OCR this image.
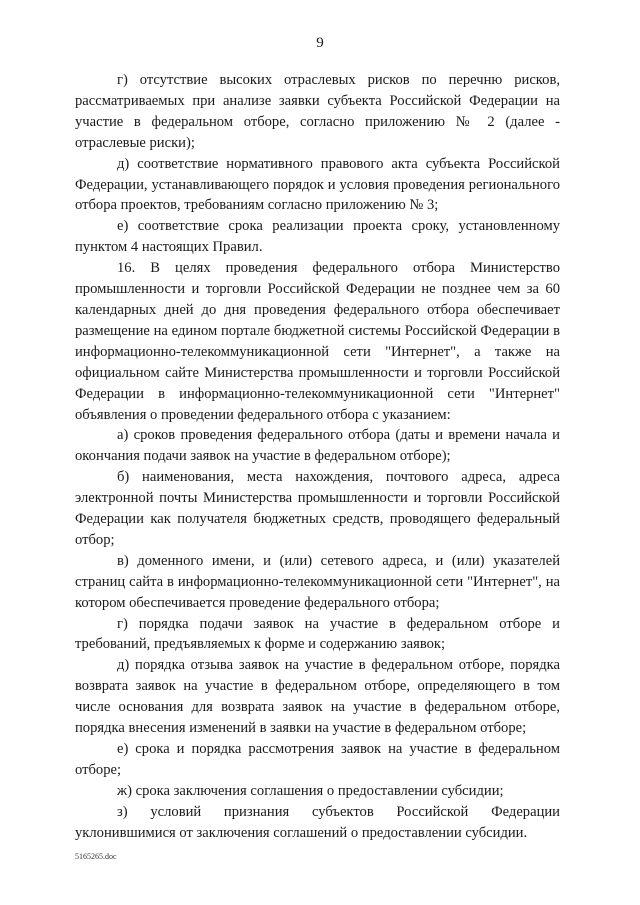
9

г) отсутствие высоких отраслевых рисков по перечню рисков, рассматриваемых при анализе заявки субъекта Российской Федерации на участие в федеральном отборе, согласно приложению № 2 (далее - отраслевые риски);

д) соответствие нормативного правового акта субъекта Российской Федерации, устанавливающего порядок и условия проведения регионального отбора проектов, требованиям согласно приложению № 3;

е) соответствие срока реализации проекта сроку, установленному пунктом 4 настоящих Правил.

16. В целях проведения федерального отбора Министерство промышленности и торговли Российской Федерации не позднее чем за 60 календарных дней до дня проведения федерального отбора обеспечивает размещение на едином портале бюджетной системы Российской Федерации в информационно-телекоммуникационной сети "Интернет", а также на официальном сайте Министерства промышленности и торговли Российской Федерации в информационно-телекоммуникационной сети "Интернет" объявления о проведении федерального отбора с указанием:

а) сроков проведения федерального отбора (даты и времени начала и окончания подачи заявок на участие в федеральном отборе);

б) наименования, места нахождения, почтового адреса, адреса электронной почты Министерства промышленности и торговли Российской Федерации как получателя бюджетных средств, проводящего федеральный отбор;

в) доменного имени, и (или) сетевого адреса, и (или) указателей страниц сайта в информационно-телекоммуникационной сети "Интернет", на котором обеспечивается проведение федерального отбора;

г) порядка подачи заявок на участие в федеральном отборе и требований, предъявляемых к форме и содержанию заявок;

д) порядка отзыва заявок на участие в федеральном отборе, порядка возврата заявок на участие в федеральном отборе, определяющего в том числе основания для возврата заявок на участие в федеральном отборе, порядка внесения изменений в заявки на участие в федеральном отборе;

е) срока и порядка рассмотрения заявок на участие в федеральном отборе;

ж) срока заключения соглашения о предоставлении субсидии;

з) условий признания субъектов Российской Федерации уклонившимися от заключения соглашений о предоставлении субсидии.

5165265.doc
